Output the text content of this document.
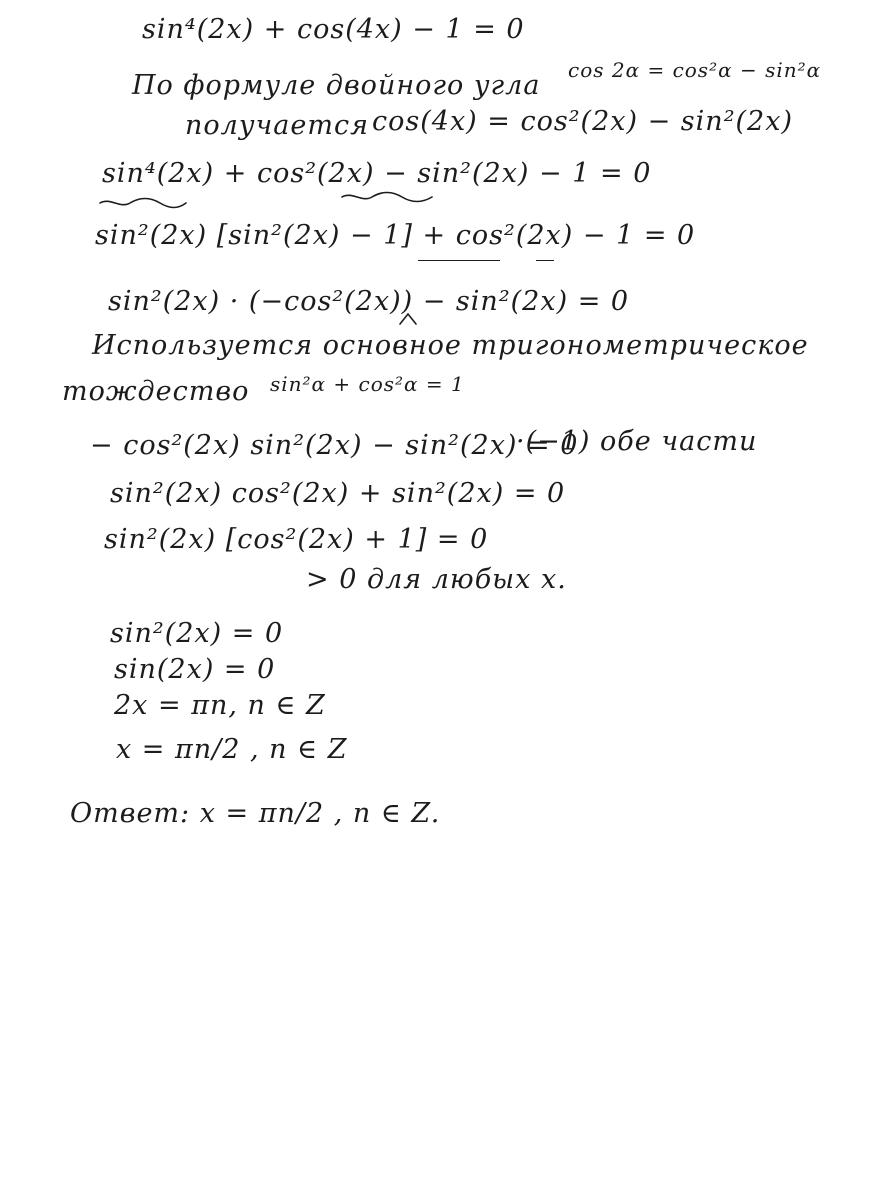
sin⁴(2x) + cos(4x) − 1 = 0
По формуле двойного угла cos 2α = cos²α − sin²α
получается cos(4x) = cos²(2x) − sin²(2x)
sin⁴(2x) + cos²(2x) − sin²(2x) − 1 = 0
sin²(2x) [sin²(2x) − 1] + cos²(2x) − 1 = 0
sin²(2x) · (−cos²(2x)) − sin²(2x) = 0
Используется основное тригонометрическое
тождество sin²α + cos²α = 1
− cos²(2x) sin²(2x) − sin²(2x) = 0
·(−1) обе части
sin²(2x) cos²(2x) + sin²(2x) = 0
sin²(2x) [cos²(2x) + 1] = 0
> 0 для любых x.
sin²(2x) = 0
sin(2x) = 0
2x = πn, n ∈ Z
x = πn/2 , n ∈ Z
Ответ: x = πn/2 , n ∈ Z.
